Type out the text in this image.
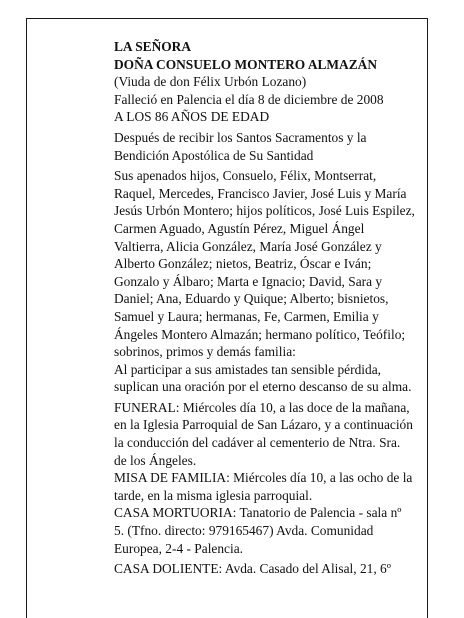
LA SEÑORA
DOÑA CONSUELO MONTERO ALMAZÁN
(Viuda de don Félix Urbón Lozano)
Falleció en Palencia el día 8 de diciembre de 2008
A LOS 86 AÑOS DE EDAD
Después de recibir los Santos Sacramentos y la
Bendición Apostólica de Su Santidad
Sus apenados hijos, Consuelo, Félix, Montserrat,
Raquel, Mercedes, Francisco Javier, José Luis y María
Jesús Urbón Montero; hijos políticos, José Luis Espilez,
Carmen Aguado, Agustín Pérez, Miguel Ángel
Valtierra, Alicia González, María José González y
Alberto González; nietos, Beatriz, Óscar e Iván;
Gonzalo y Álbaro; Marta e Ignacio; David, Sara y
Daniel; Ana, Eduardo y Quique; Alberto; bisnietos,
Samuel y Laura; hermanas, Fe, Carmen, Emilia y
Ángeles Montero Almazán; hermano político, Teófilo;
sobrinos, primos y demás familia:
Al participar a sus amistades tan sensible pérdida,
suplican una oración por el eterno descanso de su alma.
FUNERAL: Miércoles día 10, a las doce de la mañana,
en la Iglesia Parroquial de San Lázaro, y a continuación
la conducción del cadáver al cementerio de Ntra. Sra.
de los Ángeles.
MISA DE FAMILIA: Miércoles día 10, a las ocho de la
tarde, en la misma iglesia parroquial.
CASA MORTUORIA: Tanatorio de Palencia - sala nº
5. (Tfno. directo: 979165467) Avda. Comunidad
Europea, 2-4 - Palencia.
CASA DOLIENTE: Avda. Casado del Alisal, 21, 6º
